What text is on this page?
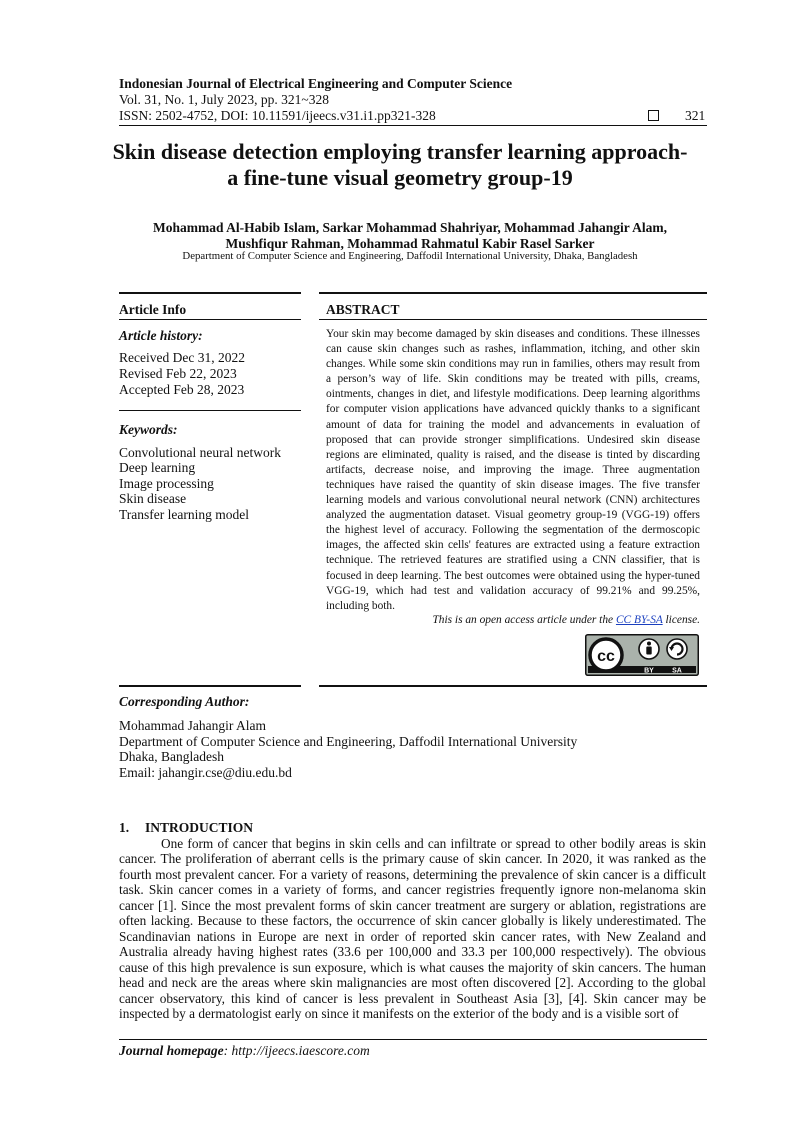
Indonesian Journal of Electrical Engineering and Computer Science
Vol. 31, No. 1, July 2023, pp. 321~328
ISSN: 2502-4752, DOI: 10.11591/ijeecs.v31.i1.pp321-328	321
Skin disease detection employing transfer learning approach-
a fine-tune visual geometry group-19
Mohammad Al-Habib Islam, Sarkar Mohammad Shahriyar, Mohammad Jahangir Alam,
Mushfiqur Rahman, Mohammad Rahmatul Kabir Rasel Sarker
Department of Computer Science and Engineering, Daffodil International University, Dhaka, Bangladesh
Article Info
Article history:
Received Dec 31, 2022
Revised Feb 22, 2023
Accepted Feb 28, 2023
Keywords:
Convolutional neural network
Deep learning
Image processing
Skin disease
Transfer learning model
ABSTRACT

Your skin may become damaged by skin diseases and conditions. These illnesses can cause skin changes such as rashes, inflammation, itching, and other skin changes. While some skin conditions may run in families, others may result from a person’s way of life. Skin conditions may be treated with pills, creams, ointments, changes in diet, and lifestyle modifications. Deep learning algorithms for computer vision applications have advanced quickly thanks to a significant amount of data for training the model and advancements in evaluation of proposed that can provide stronger simplifications. Undesired skin disease regions are eliminated, quality is raised, and the disease is tinted by discarding artifacts, decrease noise, and improving the image. Three augmentation techniques have raised the quantity of skin disease images. The five transfer learning models and various convolutional neural network (CNN) architectures analyzed the augmentation dataset. Visual geometry group-19 (VGG-19) offers the highest level of accuracy. Following the segmentation of the dermoscopic images, the affected skin cells' features are extracted using a feature extraction technique. The retrieved features are stratified using a CNN classifier, that is focused in deep learning. The best outcomes were obtained using the hyper-tuned VGG-19, which had test and validation accuracy of 99.21% and 99.25%, including both.

This is an open access article under the CC BY-SA license.
cc
BY	SA
Corresponding Author:
Mohammad Jahangir Alam
Department of Computer Science and Engineering, Daffodil International University
Dhaka, Bangladesh
Email: jahangir.cse@diu.edu.bd
1. INTRODUCTION

One form of cancer that begins in skin cells and can infiltrate or spread to other bodily areas is skin cancer. The proliferation of aberrant cells is the primary cause of skin cancer. In 2020, it was ranked as the fourth most prevalent cancer. For a variety of reasons, determining the prevalence of skin cancer is a difficult task. Skin cancer comes in a variety of forms, and cancer registries frequently ignore non-melanoma skin cancer [1]. Since the most prevalent forms of skin cancer treatment are surgery or ablation, registrations are often lacking. Because to these factors, the occurrence of skin cancer globally is likely underestimated. The Scandinavian nations in Europe are next in order of reported skin cancer rates, with New Zealand and Australia already having highest rates (33.6 per 100,000 and 33.3 per 100,000 respectively). The obvious cause of this high prevalence is sun exposure, which is what causes the majority of skin cancers. The human head and neck are the areas where skin malignancies are most often discovered [2]. According to the global cancer observatory, this kind of cancer is less prevalent in Southeast Asia [3], [4]. Skin cancer may be inspected by a dermatologist early on since it manifests on the exterior of the body and is a visible sort of

Journal homepage: http://ijeecs.iaescore.com
